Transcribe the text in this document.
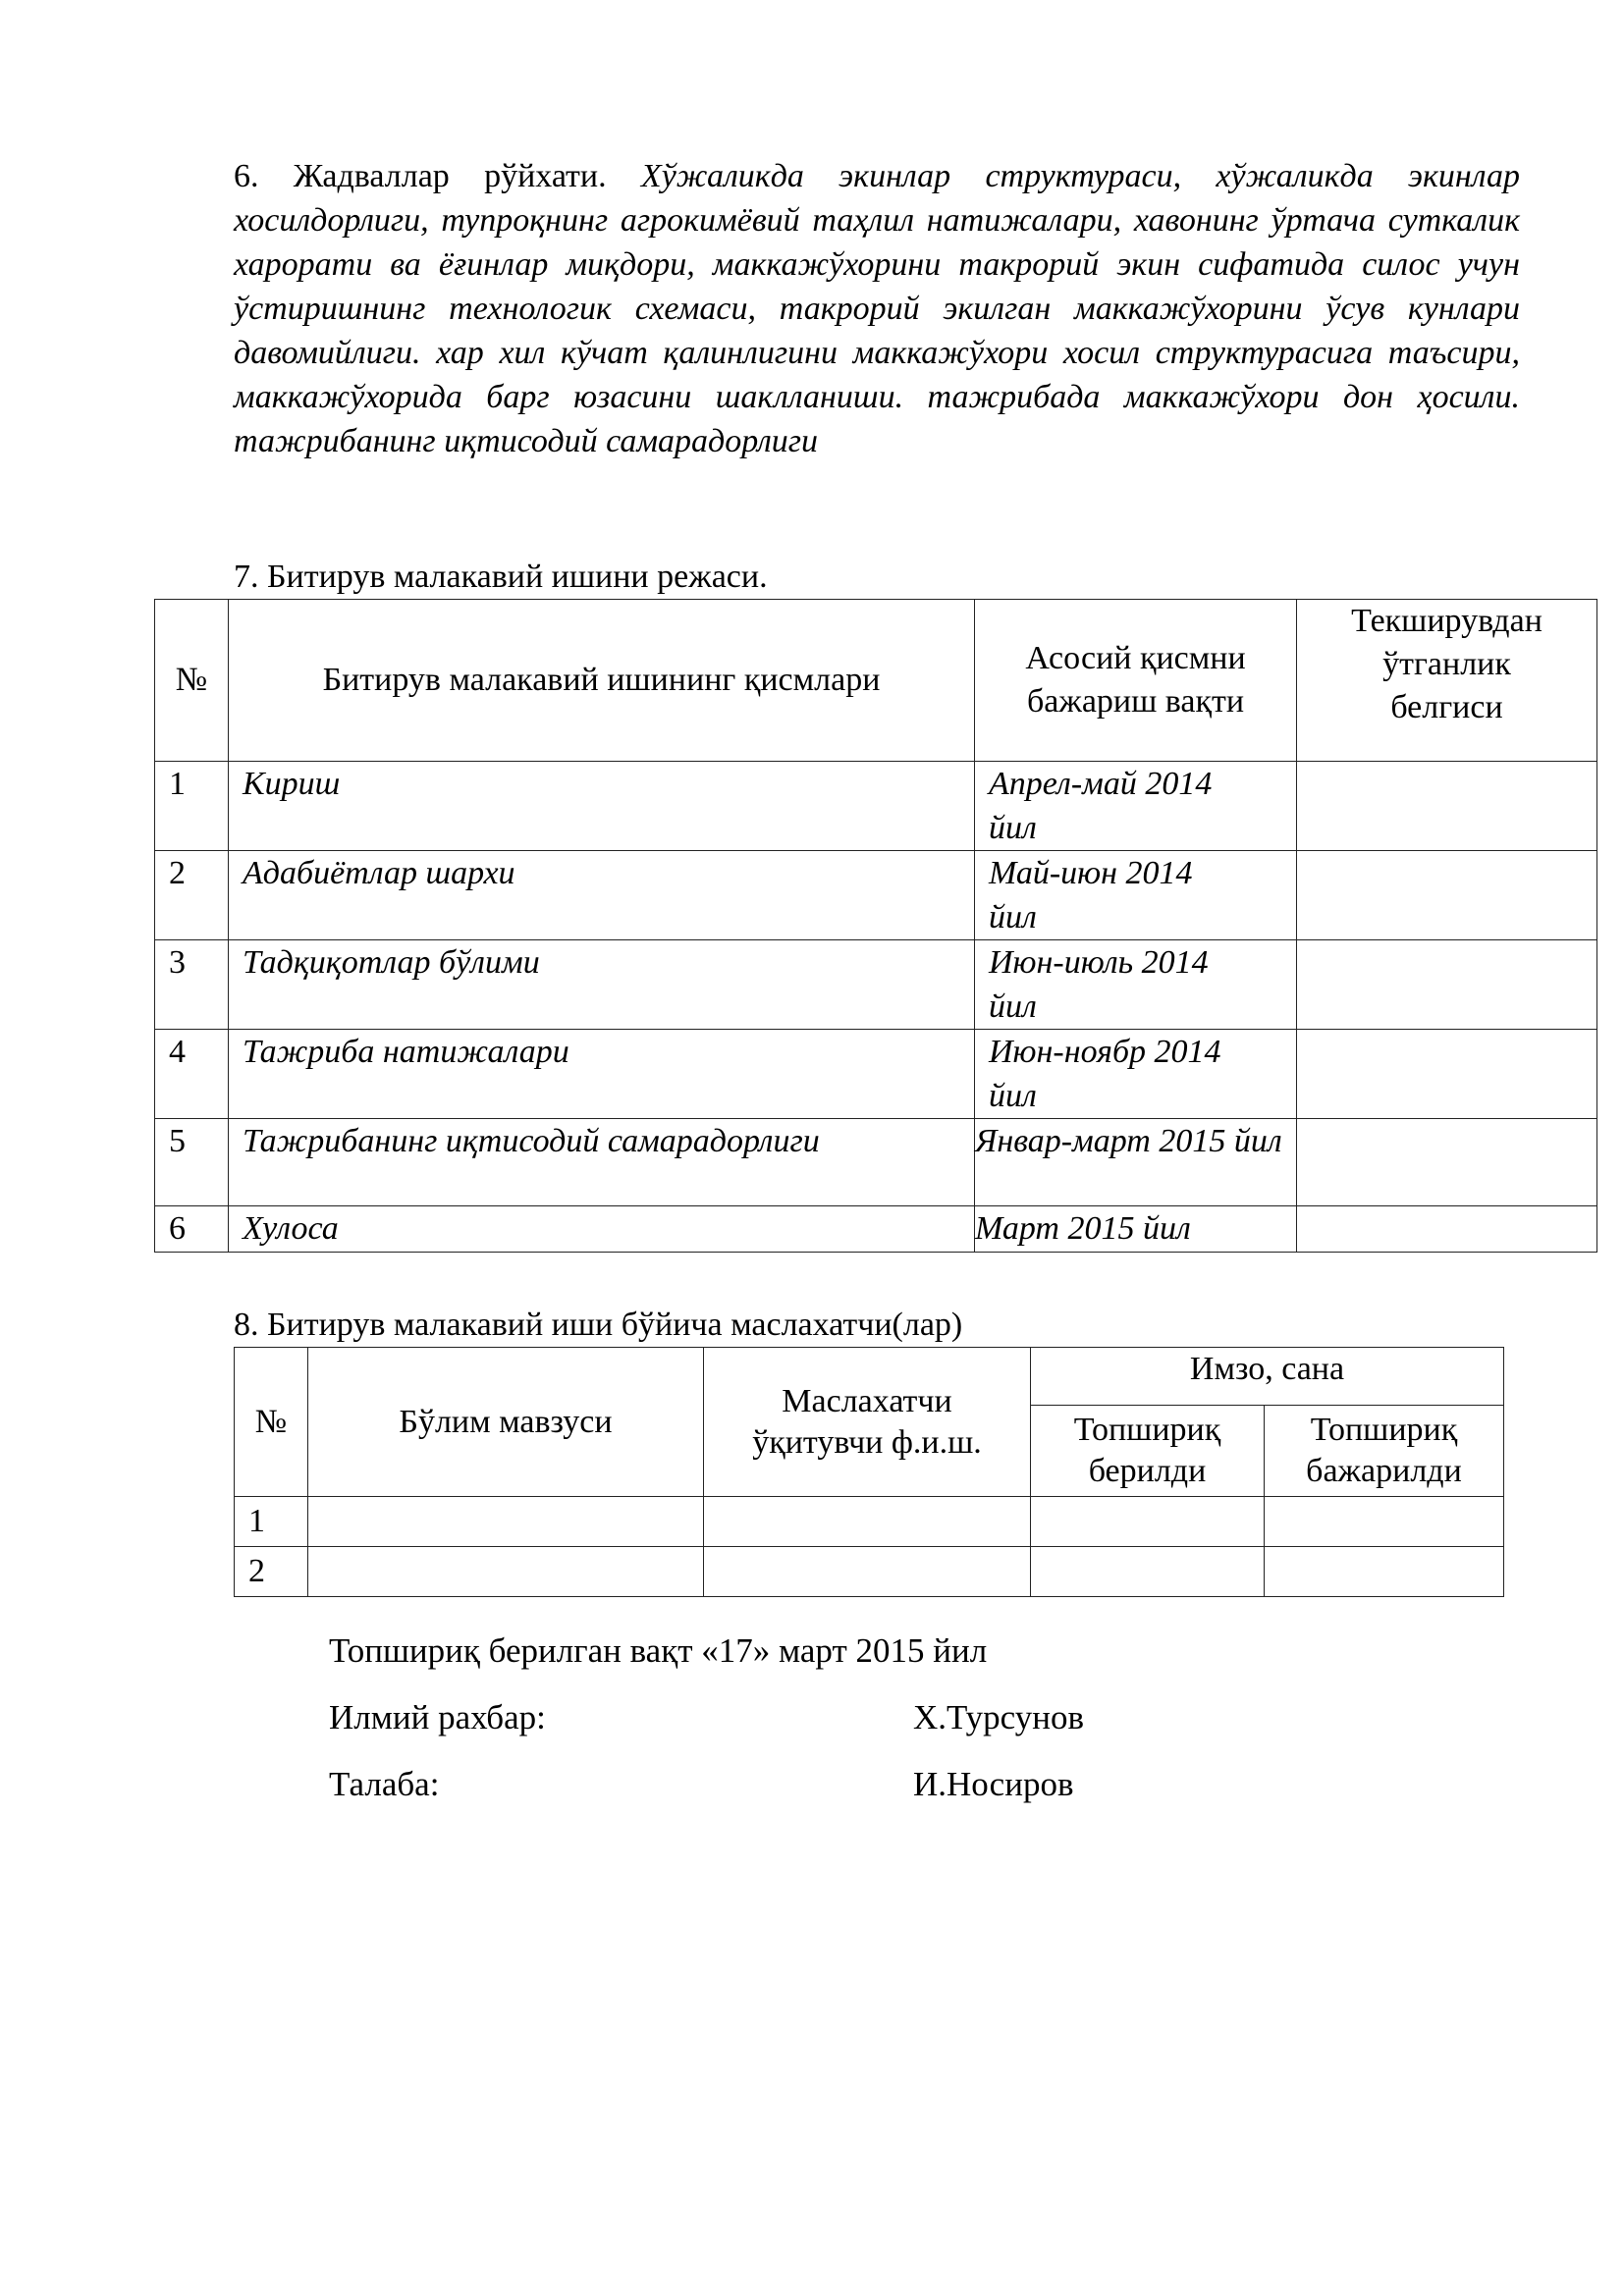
6. Жадваллар рўйхати. Хўжаликда экинлар структураси, хўжаликда экинлар хосилдорлиги, тупроқнинг агрокимёвий таҳлил натижалари, хавонинг ўртача суткалик харорати ва ёғинлар миқдори, маккажўхорини такрорий экин сифатида силос учун ўстиришнинг технологик схемаси, такрорий экилган маккажўхорини ўсув кунлари давомийлиги. хар хил кўчат қалинлигини маккажўхори хосил структурасига таъсири, маккажўхорида барг юзасини шаклланиши. тажрибада маккажўхори дон ҳосили. тажрибанинг иқтисодий самарадорлиги

7. Битирув малакавий ишини режаси.
№	Битирув малакавий ишининг қисмлари	Асосий қисмни бажариш вақти	Текширувдан ўтганлик белгиси
1	Кириш	Апрел-май 2014 йил	
2	Адабиётлар шархи	Май-июн 2014 йил	
3	Тадқиқотлар бўлими	Июн-июль 2014 йил	
4	Тажриба натижалари	Июн-ноябр 2014 йил	
5	Тажрибанинг иқтисодий самарадорлиги	Январ-март 2015 йил	
6	Хулоса	Март 2015 йил	
8. Битирув малакавий иши бўйича маслахатчи(лар)
№	Бўлим мавзуси	Маслахатчи ўқитувчи ф.и.ш.	Имзо, сана	
			Топшириқ берилди	Топшириқ бажарилди
1				
2				
Топшириқ берилган вақт «17» март 2015 йил
Илмий рахбар:	Х.Турсунов
Талаба:	И.Носиров
